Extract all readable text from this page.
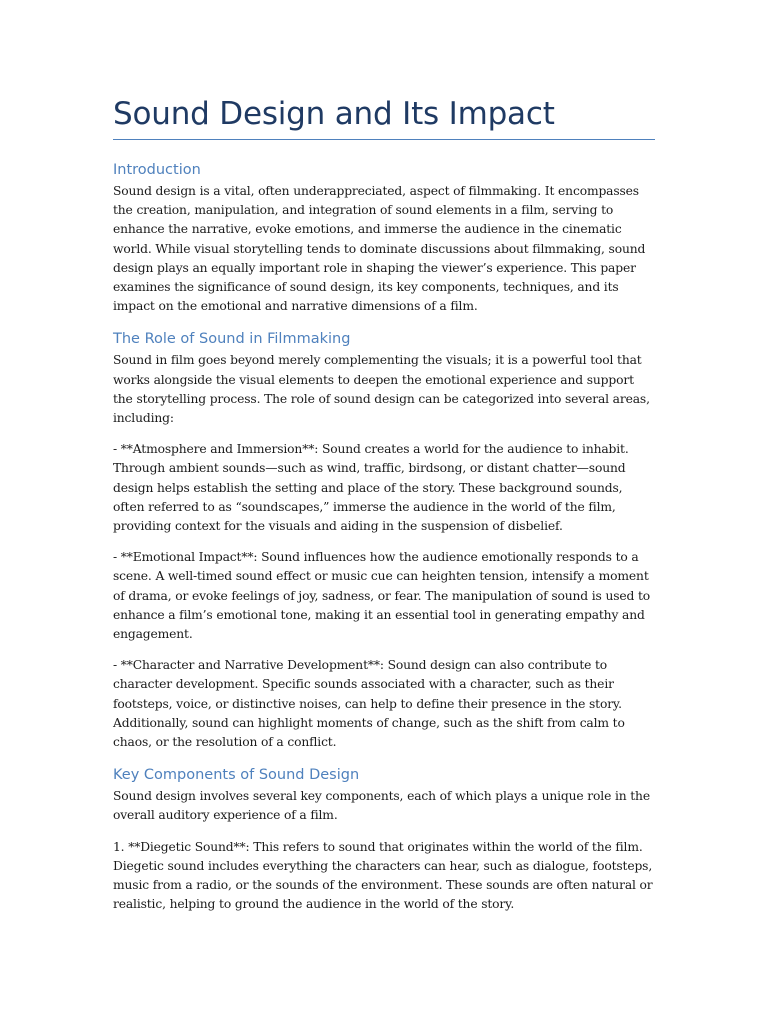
Sound Design and Its Impact
Introduction

Sound design is a vital, often underappreciated, aspect of filmmaking. It encompasses the creation, manipulation, and integration of sound elements in a film, serving to enhance the narrative, evoke emotions, and immerse the audience in the cinematic world. While visual storytelling tends to dominate discussions about filmmaking, sound design plays an equally important role in shaping the viewer’s experience. This paper examines the significance of sound design, its key components, techniques, and its impact on the emotional and narrative dimensions of a film.

The Role of Sound in Filmmaking

Sound in film goes beyond merely complementing the visuals; it is a powerful tool that works alongside the visual elements to deepen the emotional experience and support the storytelling process. The role of sound design can be categorized into several areas, including:

- **Atmosphere and Immersion**: Sound creates a world for the audience to inhabit. Through ambient sounds—such as wind, traffic, birdsong, or distant chatter—sound design helps establish the setting and place of the story. These background sounds, often referred to as “soundscapes,” immerse the audience in the world of the film, providing context for the visuals and aiding in the suspension of disbelief.

- **Emotional Impact**: Sound influences how the audience emotionally responds to a scene. A well-timed sound effect or music cue can heighten tension, intensify a moment of drama, or evoke feelings of joy, sadness, or fear. The manipulation of sound is used to enhance a film’s emotional tone, making it an essential tool in generating empathy and engagement.

- **Character and Narrative Development**: Sound design can also contribute to character development. Specific sounds associated with a character, such as their footsteps, voice, or distinctive noises, can help to define their presence in the story. Additionally, sound can highlight moments of change, such as the shift from calm to chaos, or the resolution of a conflict.

Key Components of Sound Design

Sound design involves several key components, each of which plays a unique role in the overall auditory experience of a film.

1. **Diegetic Sound**: This refers to sound that originates within the world of the film. Diegetic sound includes everything the characters can hear, such as dialogue, footsteps, music from a radio, or the sounds of the environment. These sounds are often natural or realistic, helping to ground the audience in the world of the story.
